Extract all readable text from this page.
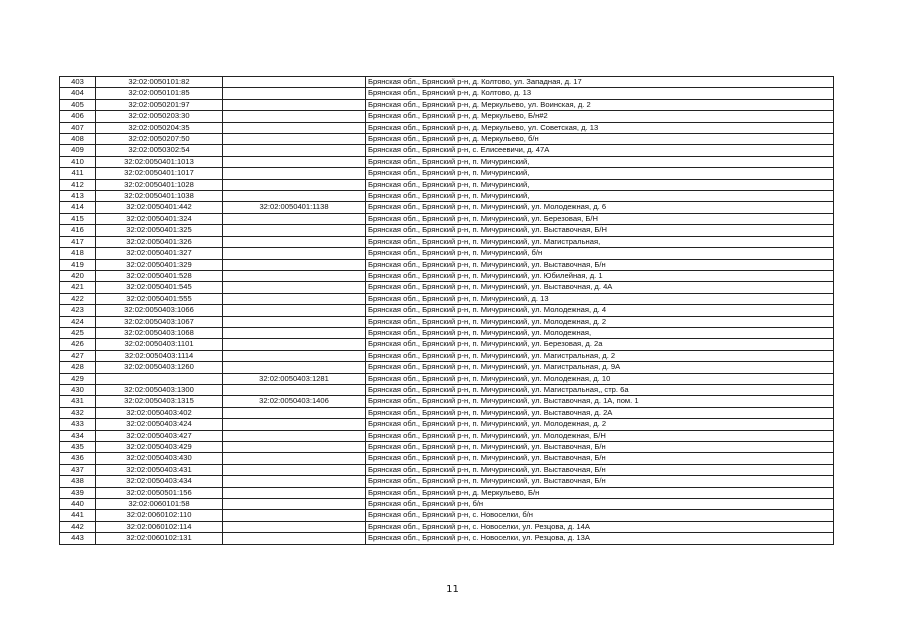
403	32:02:0050101:82		Брянская обл., Брянский р-н, д. Колтово, ул. Западная, д. 17
404	32:02:0050101:85		Брянская обл., Брянский р-н, д. Колтово, д. 13
405	32:02:0050201:97		Брянская обл., Брянский р-н, д. Меркульево, ул. Воинская, д. 2
406	32:02:0050203:30		Брянская обл., Брянский р-н, д. Меркульево, Б/н#2
407	32:02:0050204:35		Брянская обл., Брянский р-н, д. Меркульево, ул. Советская, д. 13
408	32:02:0050207:50		Брянская обл., Брянский р-н, д. Меркульево, б/н
409	32:02:0050302:54		Брянская обл., Брянский р-н, с. Елисеевичи, д. 47А
410	32:02:0050401:1013		Брянская обл., Брянский р-н, п. Мичуринский,
411	32:02:0050401:1017		Брянская обл., Брянский р-н, п. Мичуринский,
412	32:02:0050401:1028		Брянская обл., Брянский р-н, п. Мичуринский,
413	32:02:0050401:1038		Брянская обл., Брянский р-н, п. Мичуринский,
414	32:02:0050401:442	32:02:0050401:1138	Брянская обл., Брянский р-н, п. Мичуринский, ул. Молодежная, д. 6
415	32:02:0050401:324		Брянская обл., Брянский р-н, п. Мичуринский, ул. Березовая, Б/Н
416	32:02:0050401:325		Брянская обл., Брянский р-н, п. Мичуринский, ул. Выставочная, Б/Н
417	32:02:0050401:326		Брянская обл., Брянский р-н, п. Мичуринский, ул. Магистральная,
418	32:02:0050401:327		Брянская обл., Брянский р-н, п. Мичуринский, б/н
419	32:02:0050401:329		Брянская обл., Брянский р-н, п. Мичуринский, ул. Выставочная, Б/н
420	32:02:0050401:528		Брянская обл., Брянский р-н, п. Мичуринский, ул. Юбилейная, д. 1
421	32:02:0050401:545		Брянская обл., Брянский р-н, п. Мичуринский, ул. Выставочная, д. 4А
422	32:02:0050401:555		Брянская обл., Брянский р-н, п. Мичуринский, д. 13
423	32:02:0050403:1066		Брянская обл., Брянский р-н, п. Мичуринский, ул. Молодежная, д. 4
424	32:02:0050403:1067		Брянская обл., Брянский р-н, п. Мичуринский, ул. Молодежная, д. 2
425	32:02:0050403:1068		Брянская обл., Брянский р-н, п. Мичуринский, ул. Молодежная,
426	32:02:0050403:1101		Брянская обл., Брянский р-н, п. Мичуринский, ул. Березовая, д. 2а
427	32:02:0050403:1114		Брянская обл., Брянский р-н, п. Мичуринский, ул. Магистральная, д. 2
428	32:02:0050403:1260		Брянская обл., Брянский р-н, п. Мичуринский, ул. Магистральная, д. 9А
429		32:02:0050403:1281	Брянская обл., Брянский р-н, п. Мичуринский, ул. Молодежная, д. 10
430	32:02:0050403:1300		Брянская обл., Брянский р-н, п. Мичуринский, ул. Магистральная,, стр. 6а
431	32:02:0050403:1315	32:02:0050403:1406	Брянская обл., Брянский р-н, п. Мичуринский, ул. Выставочная, д. 1А, пом. 1
432	32:02:0050403:402		Брянская обл., Брянский р-н, п. Мичуринский, ул. Выставочная, д. 2А
433	32:02:0050403:424		Брянская обл., Брянский р-н, п. Мичуринский, ул. Молодежная, д. 2
434	32:02:0050403:427		Брянская обл., Брянский р-н, п. Мичуринский, ул. Молодежная, Б/Н
435	32:02:0050403:429		Брянская обл., Брянский р-н, п. Мичуринский, ул. Выставочная, Б/н
436	32:02:0050403:430		Брянская обл., Брянский р-н, п. Мичуринский, ул. Выставочная, Б/н
437	32:02:0050403:431		Брянская обл., Брянский р-н, п. Мичуринский, ул. Выставочная, Б/н
438	32:02:0050403:434		Брянская обл., Брянский р-н, п. Мичуринский, ул. Выставочная, Б/н
439	32:02:0050501:156		Брянская обл., Брянский р-н, д. Меркульево, Б/н
440	32:02:0060101:58		Брянская обл., Брянский р-н, б/н
441	32:02:0060102:110		Брянская обл., Брянский р-н, с. Новоселки, б/н
442	32:02:0060102:114		Брянская обл., Брянский р-н, с. Новоселки, ул. Резцова, д. 14А
443	32:02:0060102:131		Брянская обл., Брянский р-н, с. Новоселки, ул. Резцова, д. 13А
11
